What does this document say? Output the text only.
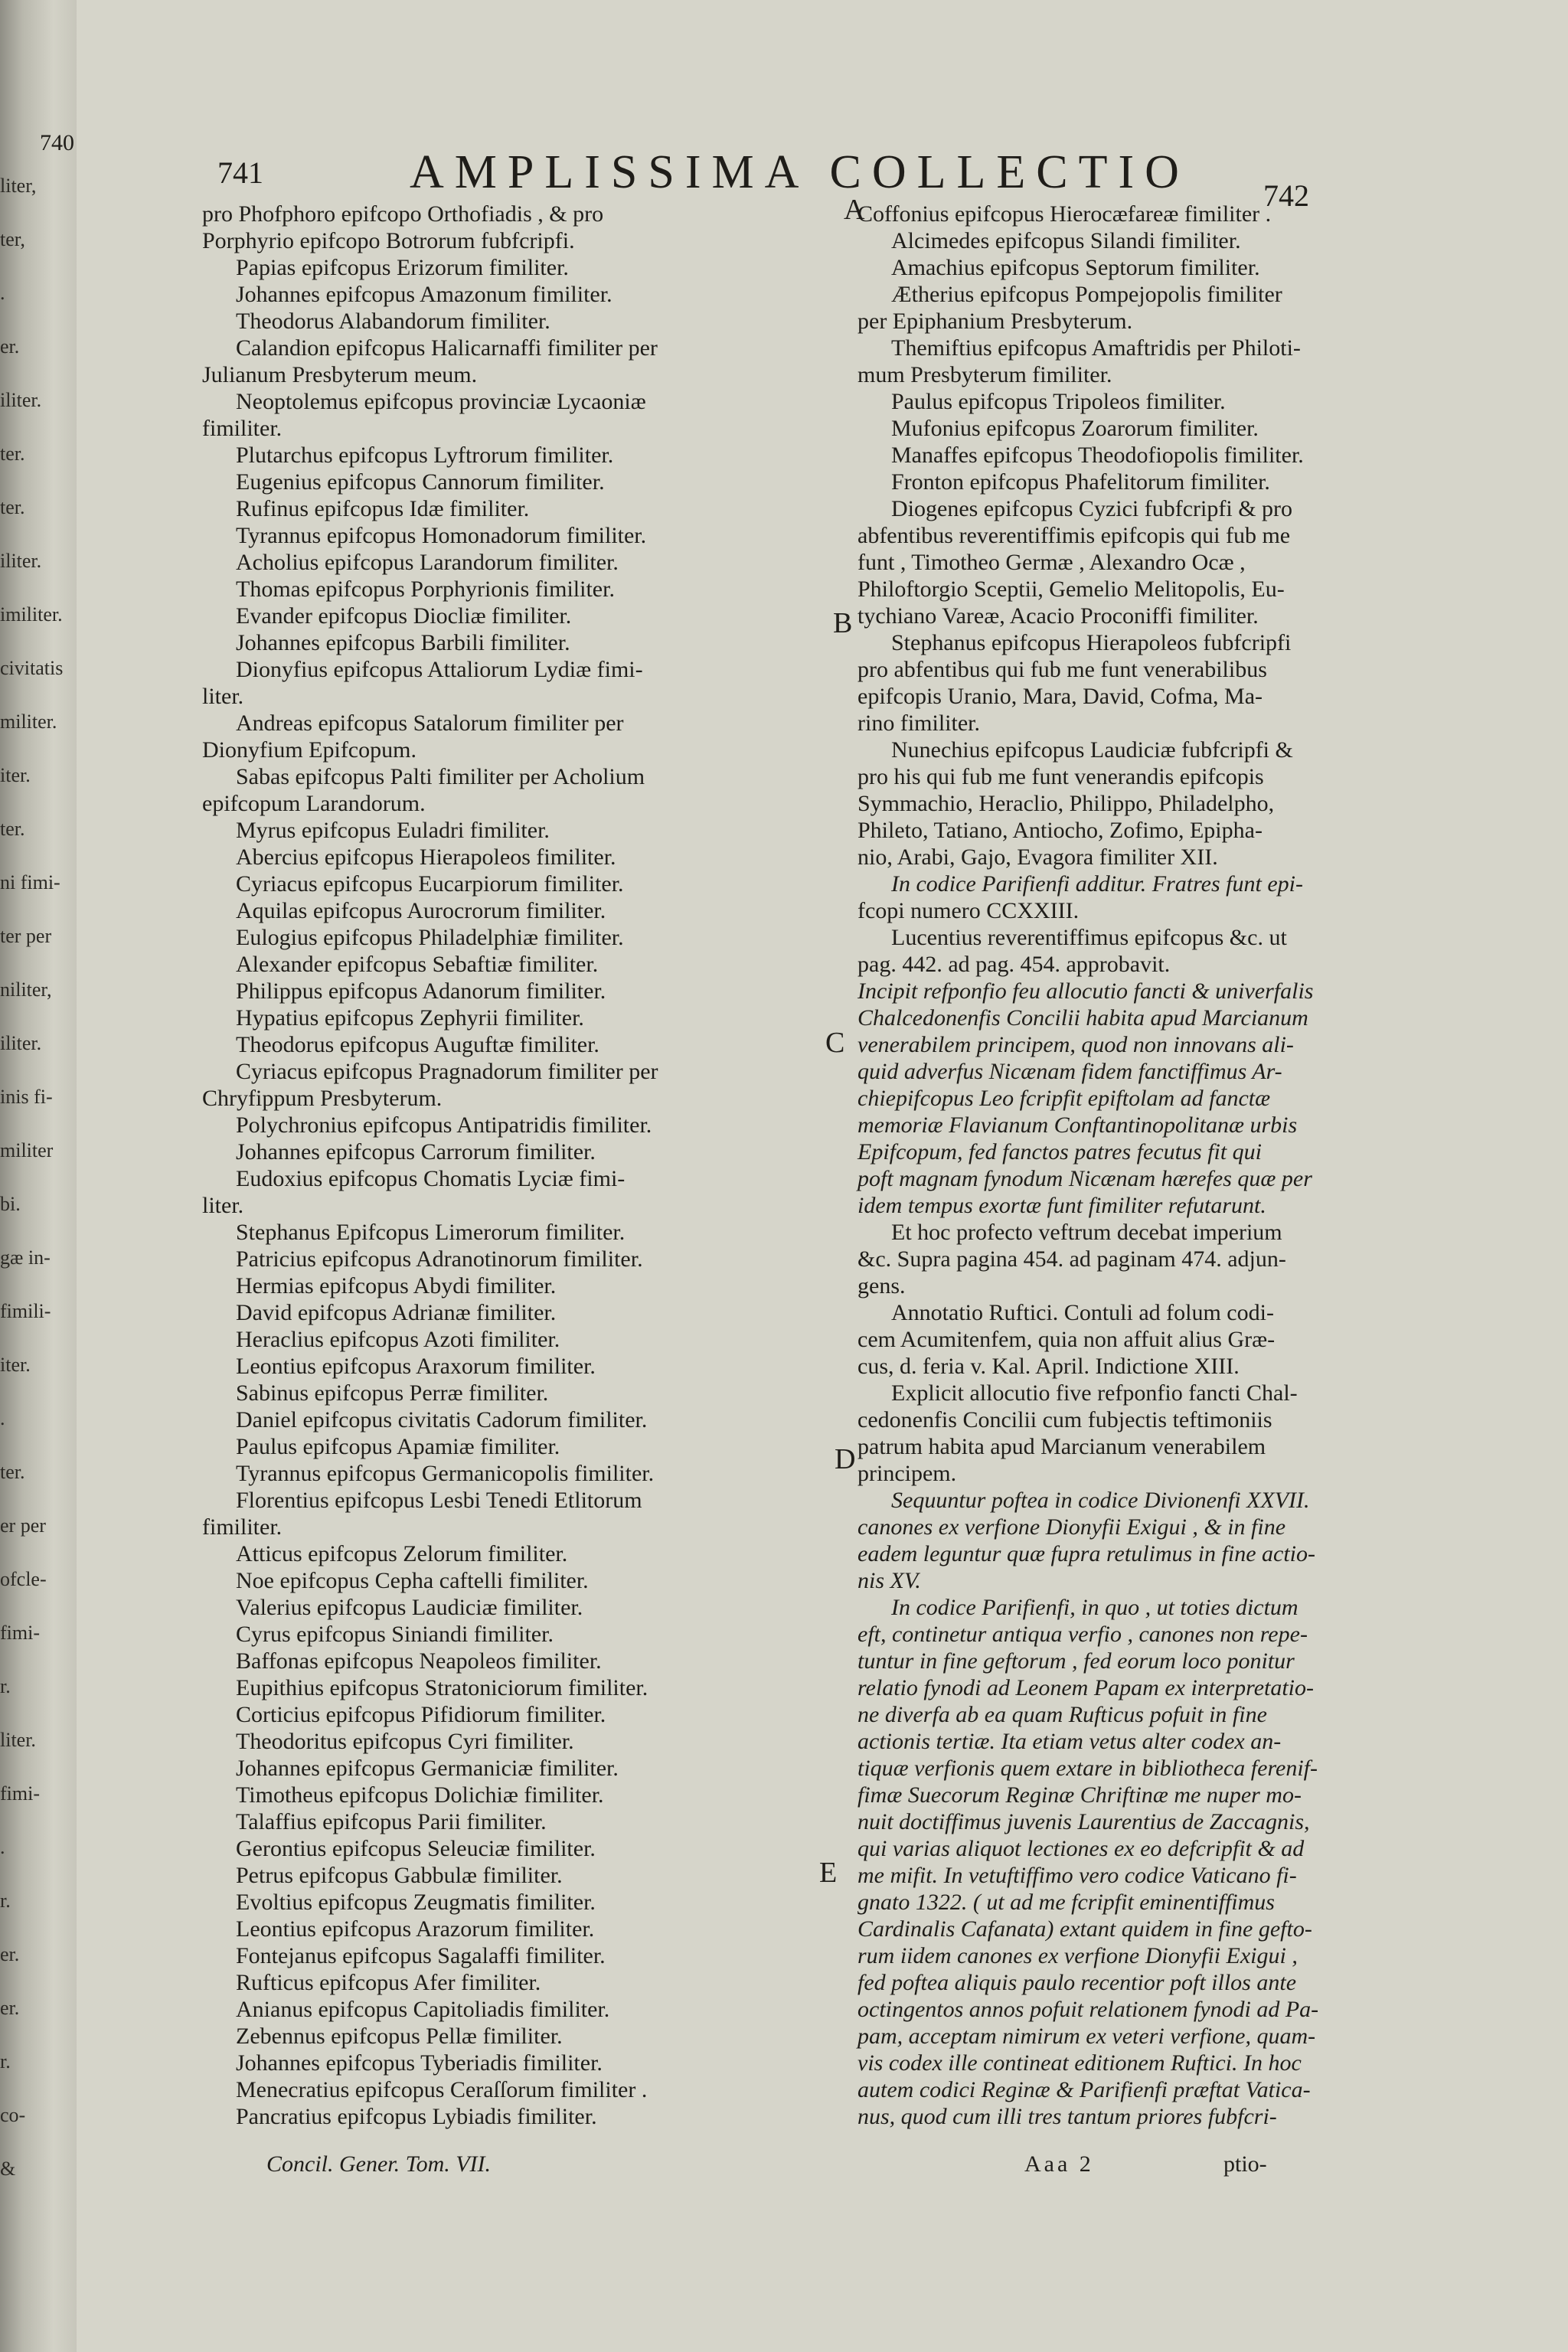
740
liter,
ter,
.
er.
iliter.
ter.
ter.
iliter.
imiliter.
civitatis
militer.
iter.
ter.
ni fimi-
ter per
niliter,
iliter.
inis fi-
militer
bi.
gæ in-
fimili-
iter.
.
ter.
er per
ofcle-
fimi-
r.
liter.
fimi-
.
r.
er.
er.
r.
co-
&
741	AMPLISSIMA COLLECTIO 742
pro Phofphoro epifcopo Orthofiadis , & pro
Porphyrio epifcopo Botrorum fubfcripfi.
Papias epifcopus Erizorum fimiliter.
Johannes epifcopus Amazonum fimiliter.
Theodorus Alabandorum fimiliter.
Calandion epifcopus Halicarnaffi fimiliter per
Julianum Presbyterum meum.
Neoptolemus epifcopus provinciæ Lycaoniæ
fimiliter.
Plutarchus epifcopus Lyftrorum fimiliter.
Eugenius epifcopus Cannorum fimiliter.
Rufinus epifcopus Idæ fimiliter.
Tyrannus epifcopus Homonadorum fimiliter.
Acholius epifcopus Larandorum fimiliter.
Thomas epifcopus Porphyrionis fimiliter.
Evander epifcopus Diocliæ fimiliter.
Johannes epifcopus Barbili fimiliter.
Dionyfius epifcopus Attaliorum Lydiæ fimi-
liter.
Andreas epifcopus Satalorum fimiliter per
Dionyfium Epifcopum.
Sabas epifcopus Palti fimiliter per Acholium
epifcopum Larandorum.
Myrus epifcopus Euladri fimiliter.
Abercius epifcopus Hierapoleos fimiliter.
Cyriacus epifcopus Eucarpiorum fimiliter.
Aquilas epifcopus Aurocrorum fimiliter.
Eulogius epifcopus Philadelphiæ fimiliter.
Alexander epifcopus Sebaftiæ fimiliter.
Philippus epifcopus Adanorum fimiliter.
Hypatius epifcopus Zephyrii fimiliter.
Theodorus epifcopus Auguftæ fimiliter.
Cyriacus epifcopus Pragnadorum fimiliter per
Chryfippum Presbyterum.
Polychronius epifcopus Antipatridis fimiliter.
Johannes epifcopus Carrorum fimiliter.
Eudoxius epifcopus Chomatis Lyciæ fimi-
liter.
Stephanus Epifcopus Limerorum fimiliter.
Patricius epifcopus Adranotinorum fimiliter.
Hermias epifcopus Abydi fimiliter.
David epifcopus Adrianæ fimiliter.
Heraclius epifcopus Azoti fimiliter.
Leontius epifcopus Araxorum fimiliter.
Sabinus epifcopus Perræ fimiliter.
Daniel epifcopus civitatis Cadorum fimiliter.
Paulus epifcopus Apamiæ fimiliter.
Tyrannus epifcopus Germanicopolis fimiliter.
Florentius epifcopus Lesbi Tenedi Etlitorum
fimiliter.
Atticus epifcopus Zelorum fimiliter.
Noe epifcopus Cepha caftelli fimiliter.
Valerius epifcopus Laudiciæ fimiliter.
Cyrus epifcopus Siniandi fimiliter.
Baffonas epifcopus Neapoleos fimiliter.
Eupithius epifcopus Stratoniciorum fimiliter.
Corticius epifcopus Pifidiorum fimiliter.
Theodoritus epifcopus Cyri fimiliter.
Johannes epifcopus Germaniciæ fimiliter.
Timotheus epifcopus Dolichiæ fimiliter.
Talaffius epifcopus Parii fimiliter.
Gerontius epifcopus Seleuciæ fimiliter.
Petrus epifcopus Gabbulæ fimiliter.
Evoltius epifcopus Zeugmatis fimiliter.
Leontius epifcopus Arazorum fimiliter.
Fontejanus epifcopus Sagalaffi fimiliter.
Rufticus epifcopus Afer fimiliter.
Anianus epifcopus Capitoliadis fimiliter.
Zebennus epifcopus Pellæ fimiliter.
Johannes epifcopus Tyberiadis fimiliter.
Menecratius epifcopus Ceraſſorum fimiliter .
Pancratius epifcopus Lybiadis fimiliter.
Coffonius epifcopus Hierocæfareæ fimiliter .
Alcimedes epifcopus Silandi fimiliter.
Amachius epifcopus Septorum fimiliter.
Ætherius epifcopus Pompejopolis fimiliter
per Epiphanium Presbyterum.
Themiftius epifcopus Amaftridis per Philoti-
mum Presbyterum fimiliter.
Paulus epifcopus Tripoleos fimiliter.
Mufonius epifcopus Zoarorum fimiliter.
Manaffes epifcopus Theodofiopolis fimiliter.
Fronton epifcopus Phafelitorum fimiliter.
Diogenes epifcopus Cyzici fubfcripfi & pro
abfentibus reverentiffimis epifcopis qui fub me
funt , Timotheo Germæ , Alexandro Ocæ ,
Philoftorgio Sceptii, Gemelio Melitopolis, Eu-
tychiano Vareæ, Acacio Proconiffi fimiliter.
Stephanus epifcopus Hierapoleos fubfcripfi
pro abfentibus qui fub me funt venerabilibus
epifcopis Uranio, Mara, David, Cofma, Ma-
rino fimiliter.
Nunechius epifcopus Laudiciæ fubfcripfi &
pro his qui fub me funt venerandis epifcopis
Symmachio, Heraclio, Philippo, Philadelpho,
Phileto, Tatiano, Antiocho, Zofimo, Epipha-
nio, Arabi, Gajo, Evagora fimiliter XII.
In codice Parifienfi additur. Fratres funt epi-
fcopi numero CCXXIII.
Lucentius reverentiffimus epifcopus &c. ut
pag. 442. ad pag. 454. approbavit.
Incipit refponfio feu allocutio fancti & univerfalis
Chalcedonenfis Concilii habita apud Marcianum
venerabilem principem, quod non innovans ali-
quid adverfus Nicænam fidem fanctiffimus Ar-
chiepifcopus Leo fcripfit epiftolam ad fanctæ
memoriæ Flavianum Conftantinopolitanæ urbis
Epifcopum, fed fanctos patres fecutus fit qui
poft magnam fynodum Nicænam hærefes quæ per
idem tempus exortæ funt fimiliter refutarunt.
Et hoc profecto veftrum decebat imperium
&c. Supra pagina 454. ad paginam 474. adjun-
gens.
Annotatio Ruftici. Contuli ad folum codi-
cem Acumitenfem, quia non affuit alius Græ-
cus, d. feria v. Kal. April. Indictione XIII.
Explicit allocutio five refponfio fancti Chal-
cedonenfis Concilii cum fubjectis teftimoniis
patrum habita apud Marcianum venerabilem
principem.
Sequuntur poftea in codice Divionenfi XXVII.
canones ex verfione Dionyfii Exigui , & in fine
eadem leguntur quæ fupra retulimus in fine actio-
nis XV.
In codice Parifienfi, in quo , ut toties dictum
eft, continetur antiqua verfio , canones non repe-
tuntur in fine geftorum , fed eorum loco ponitur
relatio fynodi ad Leonem Papam ex interpretatio-
ne diverfa ab ea quam Rufticus pofuit in fine
actionis tertiæ. Ita etiam vetus alter codex an-
tiquæ verfionis quem extare in bibliotheca ferenif-
fimæ Suecorum Reginæ Chriftinæ me nuper mo-
nuit doctiffimus juvenis Laurentius de Zaccagnis,
qui varias aliquot lectiones ex eo defcripfit & ad
me mifit. In vetuftiffimo vero codice Vaticano fi-
gnato 1322. ( ut ad me fcripfit eminentiffimus
Cardinalis Cafanata) extant quidem in fine gefto-
rum iidem canones ex verfione Dionyfii Exigui ,
fed poftea aliquis paulo recentior poft illos ante
octingentos annos pofuit relationem fynodi ad Pa-
pam, acceptam nimirum ex veteri verfione, quam-
vis codex ille contineat editionem Ruftici. In hoc
autem codici Reginæ & Parifienfi præftat Vatica-
nus, quod cum illi tres tantum priores fubfcri-
A
B
C
D
E
Concil. Gener. Tom. VII.	Aaa 2	ptio-
